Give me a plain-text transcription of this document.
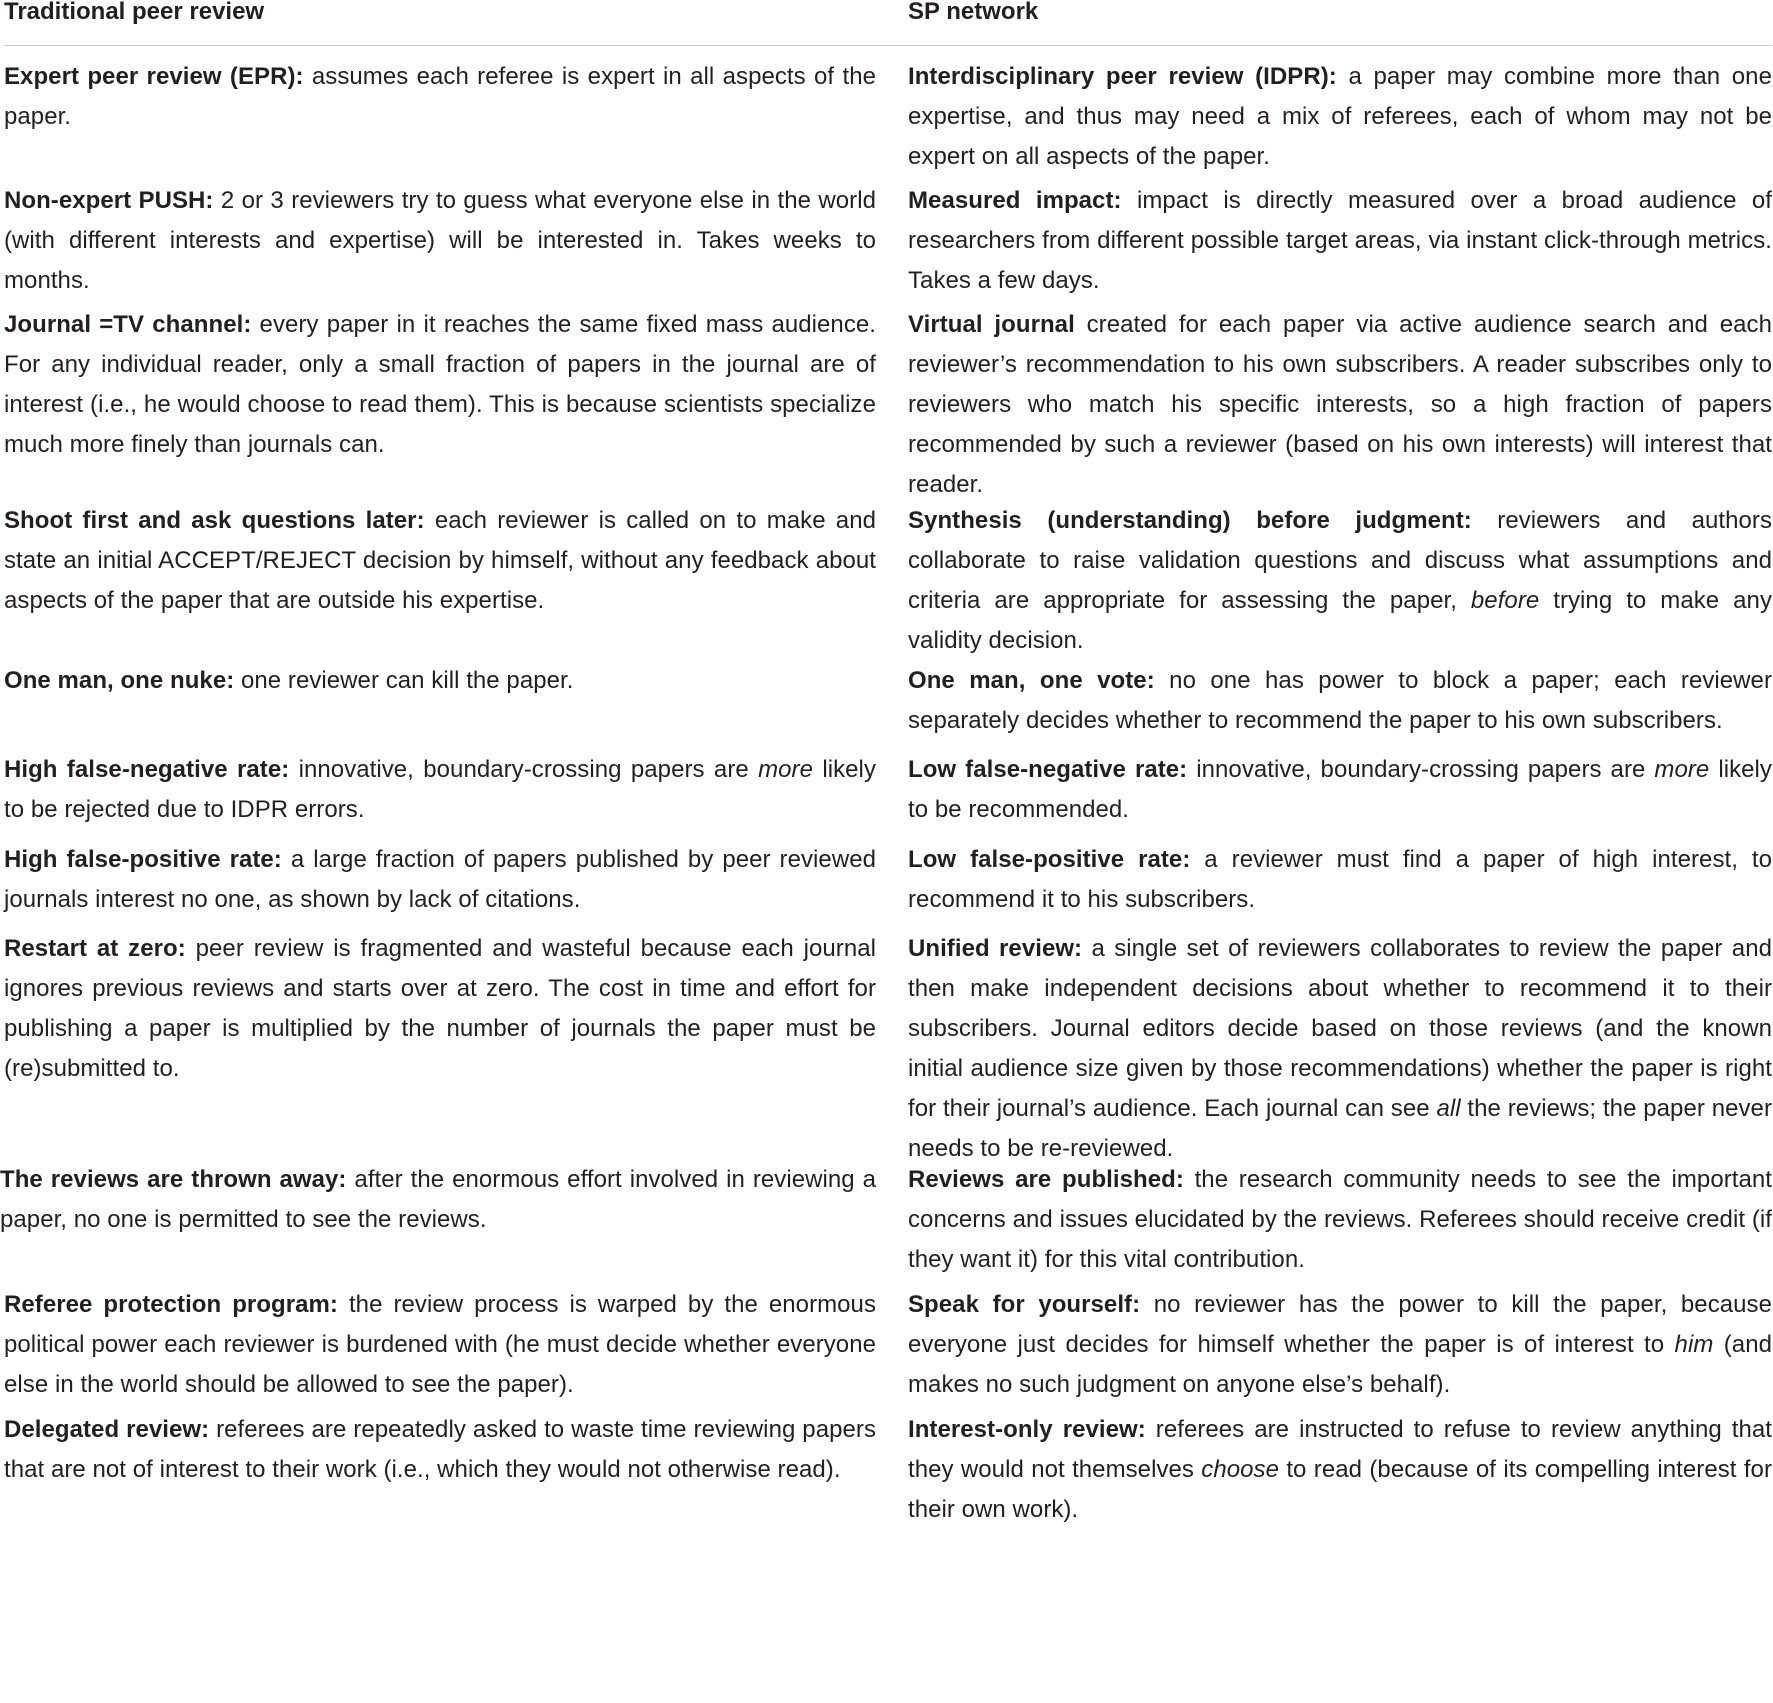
Traditional peer review	SP network
Expert peer review (EPR): assumes each referee is expert in all aspects of the paper.
Interdisciplinary peer review (IDPR): a paper may combine more than one expertise, and thus may need a mix of referees, each of whom may not be expert on all aspects of the paper.
Non-expert PUSH: 2 or 3 reviewers try to guess what everyone else in the world (with different interests and expertise) will be interested in. Takes weeks to months.
Measured impact: impact is directly measured over a broad audience of researchers from different possible target areas, via instant click-through metrics. Takes a few days.
Journal =TV channel: every paper in it reaches the same fixed mass audience. For any individual reader, only a small fraction of papers in the journal are of interest (i.e., he would choose to read them). This is because scientists specialize much more finely than journals can.
Virtual journal created for each paper via active audience search and each reviewer’s recommendation to his own subscribers. A reader subscribes only to reviewers who match his specific interests, so a high fraction of papers recommended by such a reviewer (based on his own interests) will interest that reader.
Shoot first and ask questions later: each reviewer is called on to make and state an initial ACCEPT/REJECT decision by himself, without any feedback about aspects of the paper that are outside his expertise.
Synthesis (understanding) before judgment: reviewers and authors collaborate to raise validation questions and discuss what assumptions and criteria are appropriate for assessing the paper, before trying to make any validity decision.
One man, one nuke: one reviewer can kill the paper.	One man, one vote: no one has power to block a paper; each reviewer separately decides whether to recommend the paper to his own subscribers.
High false-negative rate: innovative, boundary-crossing papers are more likely to be rejected due to IDPR errors.
Low false-negative rate: innovative, boundary-crossing papers are more likely to be recommended.
High false-positive rate: a large fraction of papers published by peer reviewed journals interest no one, as shown by lack of citations.
Low false-positive rate: a reviewer must find a paper of high interest, to recommend it to his subscribers.
Restart at zero: peer review is fragmented and wasteful because each journal ignores previous reviews and starts over at zero. The cost in time and effort for publishing a paper is multiplied by the number of journals the paper must be (re)submitted to.
Unified review: a single set of reviewers collaborates to review the paper and then make independent decisions about whether to recommend it to their subscribers. Journal editors decide based on those reviews (and the known initial audience size given by those recommendations) whether the paper is right for their journal’s audience. Each journal can see all the reviews; the paper never needs to be re-reviewed.
The reviews are thrown away: after the enormous effort involved in reviewing a paper, no one is permitted to see the reviews.
Reviews are published: the research community needs to see the important concerns and issues elucidated by the reviews. Referees should receive credit (if they want it) for this vital contribution.
Referee protection program: the review process is warped by the enormous political power each reviewer is burdened with (he must decide whether everyone else in the world should be allowed to see the paper).
Speak for yourself: no reviewer has the power to kill the paper, because everyone just decides for himself whether the paper is of interest to him (and makes no such judgment on anyone else’s behalf).
Delegated review: referees are repeatedly asked to waste time reviewing papers that are not of interest to their work (i.e., which they would not otherwise read).
Interest-only review: referees are instructed to refuse to review anything that they would not themselves choose to read (because of its compelling interest for their own work).
